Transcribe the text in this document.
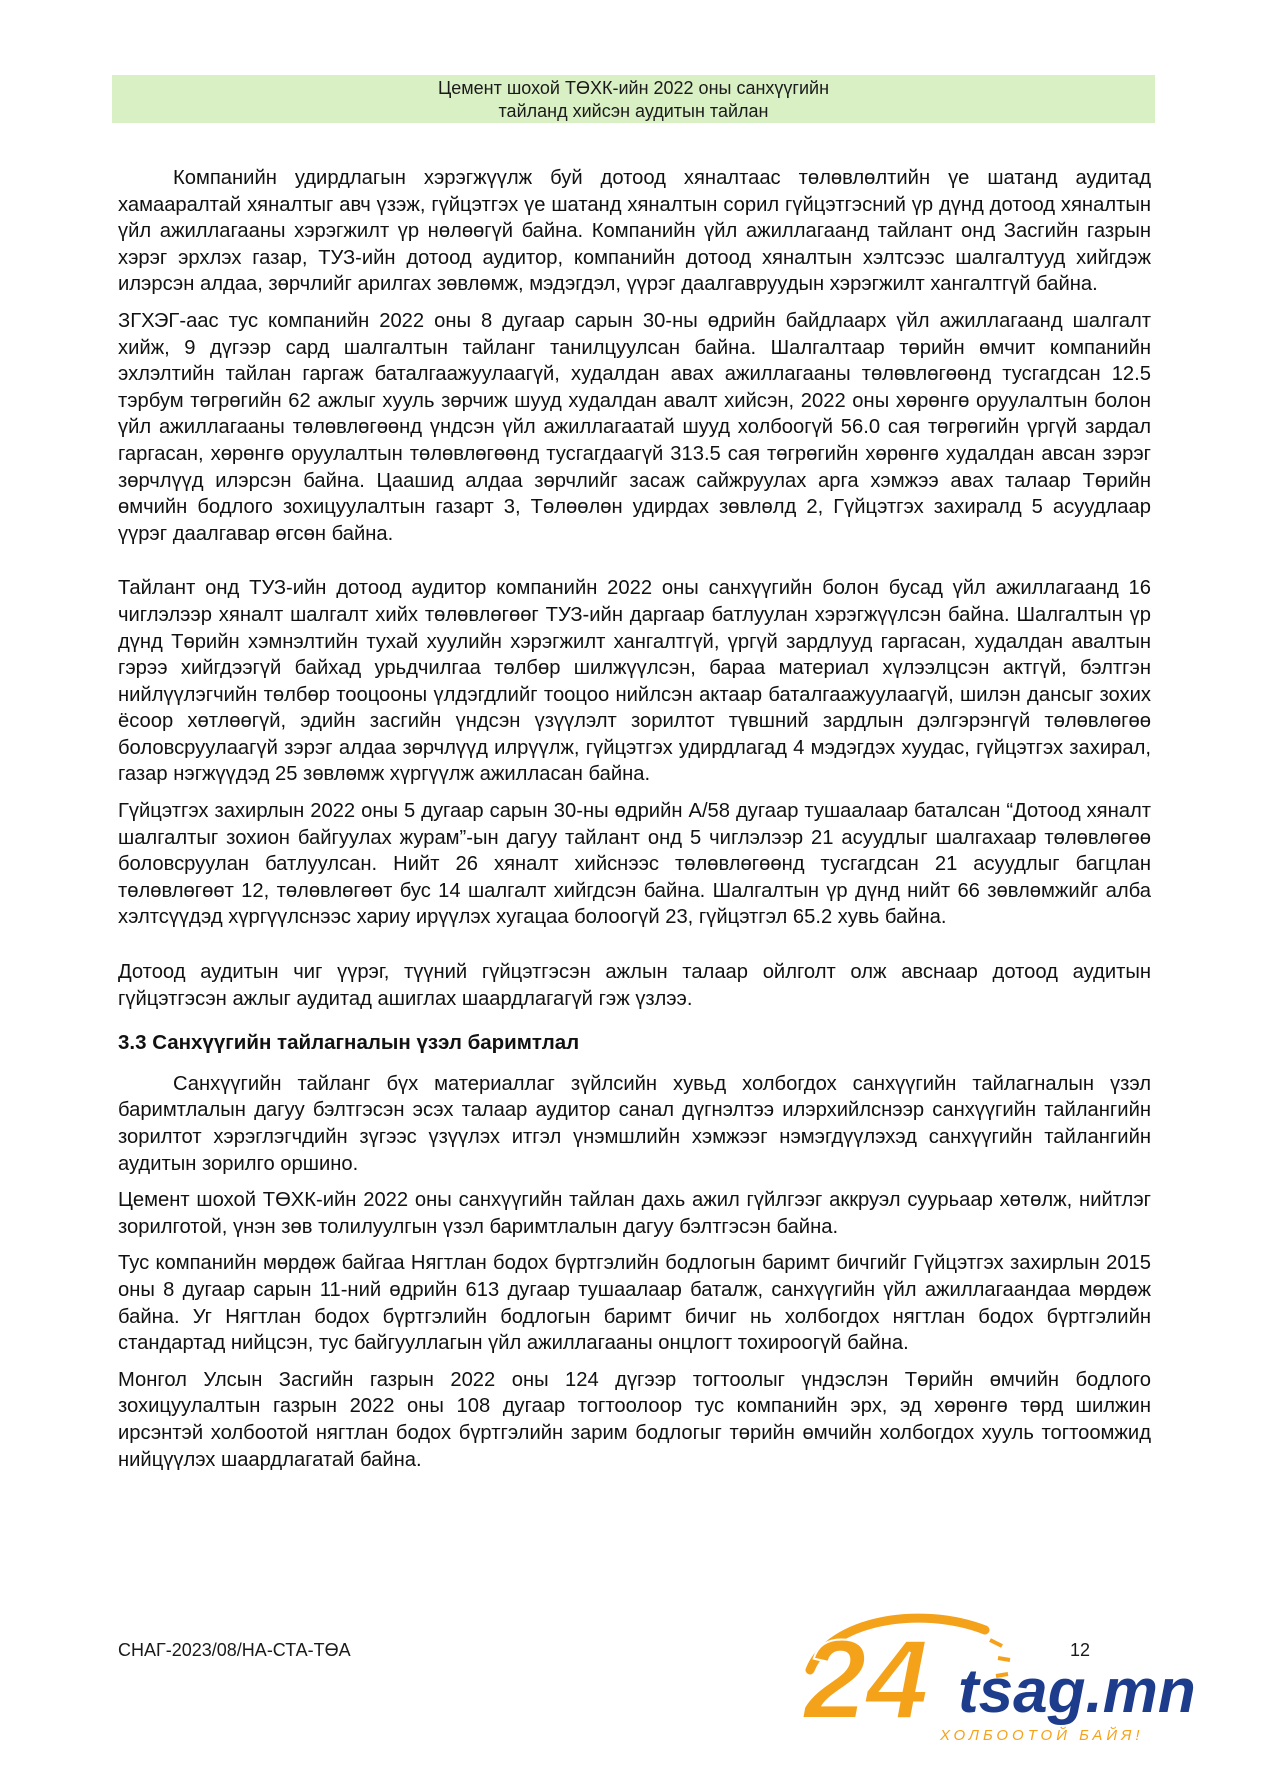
Цемент шохой ТӨХК-ийн 2022 оны санхүүгийн
тайланд хийсэн аудитын тайлан

Компанийн удирдлагын хэрэгжүүлж буй дотоод хяналтаас төлөвлөлтийн үе шатанд аудитад хамааралтай хяналтыг авч үзэж, гүйцэтгэх үе шатанд хяналтын сорил гүйцэтгэсний үр дүнд дотоод хяналтын үйл ажиллагааны хэрэгжилт үр нөлөөгүй байна. Компанийн үйл ажиллагаанд тайлант онд Засгийн газрын хэрэг эрхлэх газар, ТУЗ-ийн дотоод аудитор, компанийн дотоод хяналтын хэлтсээс шалгалтууд хийгдэж илэрсэн алдаа, зөрчлийг арилгах зөвлөмж, мэдэгдэл, үүрэг даалгавруудын хэрэгжилт хангалтгүй байна.

ЗГХЭГ-аас тус компанийн 2022 оны 8 дугаар сарын 30-ны өдрийн байдлаарх үйл ажиллагаанд шалгалт хийж, 9 дүгээр сард шалгалтын тайланг танилцуулсан байна. Шалгалтаар төрийн өмчит компанийн эхлэлтийн тайлан гаргаж баталгаажуулаагүй, худалдан авах ажиллагааны төлөвлөгөөнд тусгагдсан 12.5 тэрбум төгрөгийн 62 ажлыг хууль зөрчиж шууд худалдан авалт хийсэн, 2022 оны хөрөнгө оруулалтын болон үйл ажиллагааны төлөвлөгөөнд үндсэн үйл ажиллагаатай шууд холбоогүй 56.0 сая төгрөгийн үргүй зардал гаргасан, хөрөнгө оруулалтын төлөвлөгөөнд тусгагдаагүй 313.5 сая төгрөгийн хөрөнгө худалдан авсан зэрэг зөрчлүүд илэрсэн байна. Цаашид алдаа зөрчлийг засаж сайжруулах арга хэмжээ авах талаар Төрийн өмчийн бодлого зохицуулалтын газарт 3, Төлөөлөн удирдах зөвлөлд 2, Гүйцэтгэх захиралд 5 асуудлаар үүрэг даалгавар өгсөн байна.

Тайлант онд ТУЗ-ийн дотоод аудитор компанийн 2022 оны санхүүгийн болон бусад үйл ажиллагаанд 16 чиглэлээр хяналт шалгалт хийх төлөвлөгөөг ТУЗ-ийн даргаар батлуулан хэрэгжүүлсэн байна. Шалгалтын үр дүнд Төрийн хэмнэлтийн тухай хуулийн хэрэгжилт хангалтгүй, үргүй зардлууд гаргасан, худалдан авалтын гэрээ хийгдээгүй байхад урьдчилгаа төлбөр шилжүүлсэн, бараа материал хүлээлцсэн актгүй, бэлтгэн нийлүүлэгчийн төлбөр тооцооны үлдэгдлийг тооцоо нийлсэн актаар баталгаажуулаагүй, шилэн дансыг зохих ёсоор хөтлөөгүй, эдийн засгийн үндсэн үзүүлэлт зорилтот түвшний зардлын дэлгэрэнгүй төлөвлөгөө боловсруулаагүй зэрэг алдаа зөрчлүүд илрүүлж, гүйцэтгэх удирдлагад 4 мэдэгдэх хуудас, гүйцэтгэх захирал, газар нэгжүүдэд 25 зөвлөмж хүргүүлж ажилласан байна.

Гүйцэтгэх захирлын 2022 оны 5 дугаар сарын 30-ны өдрийн А/58 дугаар тушаалаар баталсан “Дотоод хяналт шалгалтыг зохион байгуулах журам”-ын дагуу тайлант онд 5 чиглэлээр 21 асуудлыг шалгахаар төлөвлөгөө боловсруулан батлуулсан. Нийт 26 хяналт хийснээс төлөвлөгөөнд тусгагдсан 21 асуудлыг багцлан төлөвлөгөөт 12, төлөвлөгөөт бус 14 шалгалт хийгдсэн байна. Шалгалтын үр дүнд нийт 66 зөвлөмжийг алба хэлтсүүдэд хүргүүлснээс хариу ирүүлэх хугацаа болоогүй 23, гүйцэтгэл 65.2 хувь байна.

Дотоод аудитын чиг үүрэг, түүний гүйцэтгэсэн ажлын талаар ойлголт олж авснаар дотоод аудитын гүйцэтгэсэн ажлыг аудитад ашиглах шаардлагагүй гэж үзлээ.

3.3 Санхүүгийн тайлагналын үзэл баримтлал

Санхүүгийн тайланг бүх материаллаг зүйлсийн хувьд холбогдох санхүүгийн тайлагналын үзэл баримтлалын дагуу бэлтгэсэн эсэх талаар аудитор санал дүгнэлтээ илэрхийлснээр санхүүгийн тайлангийн зорилтот хэрэглэгчдийн зүгээс үзүүлэх итгэл үнэмшлийн хэмжээг нэмэгдүүлэхэд санхүүгийн тайлангийн аудитын зорилго оршино.

Цемент шохой ТӨХК-ийн 2022 оны санхүүгийн тайлан дахь ажил гүйлгээг аккруэл суурьаар хөтөлж, нийтлэг зорилготой, үнэн зөв толилуулгын үзэл баримтлалын дагуу бэлтгэсэн байна.

Тус компанийн мөрдөж байгаа Нягтлан бодох бүртгэлийн бодлогын баримт бичгийг Гүйцэтгэх захирлын 2015 оны 8 дугаар сарын 11-ний өдрийн 613 дугаар тушаалаар баталж, санхүүгийн үйл ажиллагаандаа мөрдөж байна. Уг Нягтлан бодох бүртгэлийн бодлогын баримт бичиг нь холбогдох нягтлан бодох бүртгэлийн стандартад нийцсэн, тус байгууллагын үйл ажиллагааны онцлогт тохироогүй байна.

Монгол Улсын Засгийн газрын 2022 оны 124 дүгээр тогтоолыг үндэслэн Төрийн өмчийн бодлого зохицуулалтын газрын 2022 оны 108 дугаар тогтоолоор тус компанийн эрх, эд хөрөнгө төрд шилжин ирсэнтэй холбоотой нягтлан бодох бүртгэлийн зарим бодлогыг төрийн өмчийн холбогдох хууль тогтоомжид нийцүүлэх шаардлагатай байна.

СНАГ-2023/08/НА-СТА-ТӨА	12
24 tsag.mn
ХОЛБООТОЙ БАЙЯ!
